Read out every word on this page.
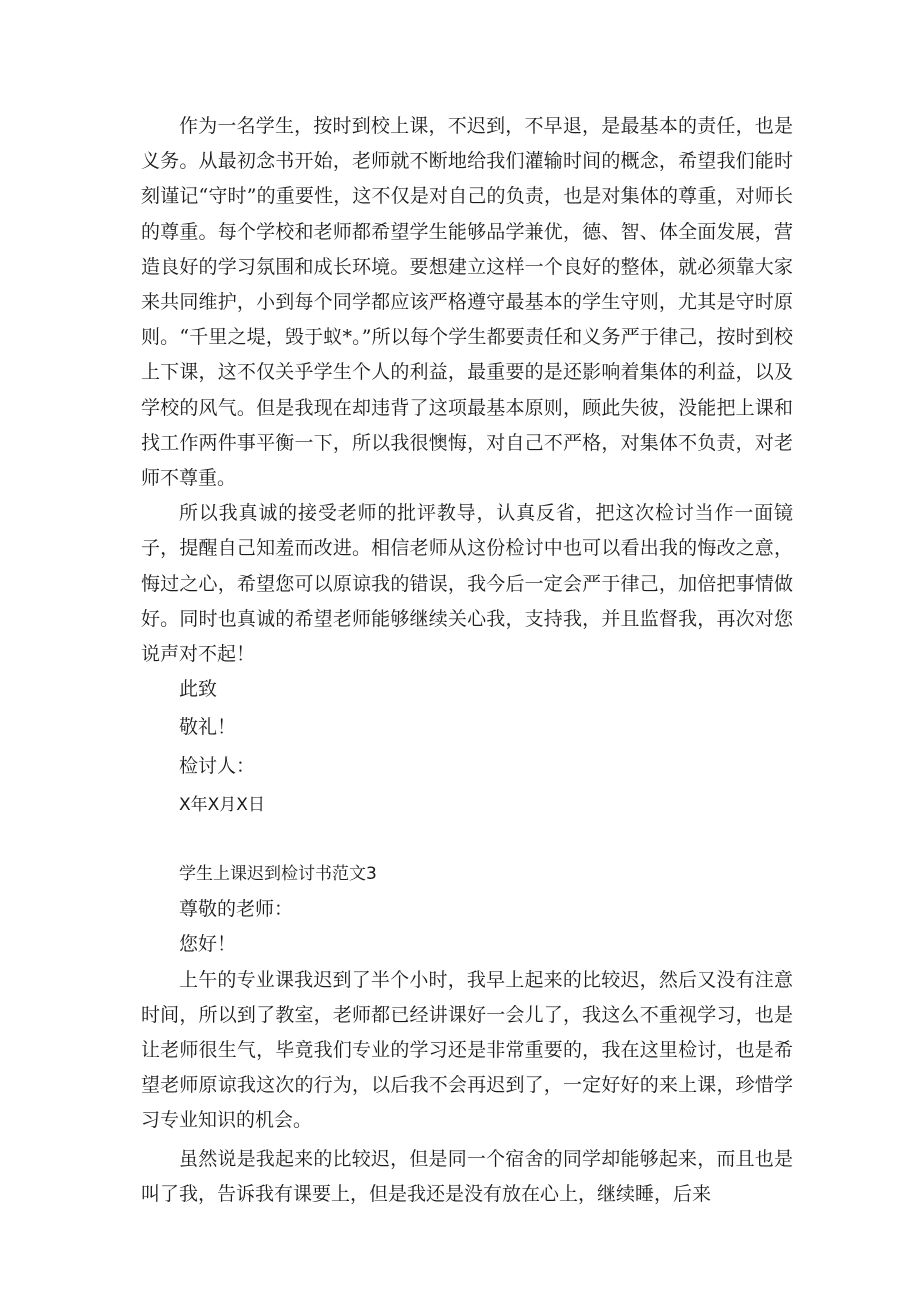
作为一名学生，按时到校上课，不迟到，不早退，是最基本的责任，也是义务。从最初念书开始，老师就不断地给我们灌输时间的概念，希望我们能时刻谨记“守时”的重要性，这不仅是对自己的负责，也是对集体的尊重，对师长的尊重。每个学校和老师都希望学生能够品学兼优，德、智、体全面发展，营造良好的学习氛围和成长环境。要想建立这样一个良好的整体，就必须靠大家来共同维护，小到每个同学都应该严格遵守最基本的学生守则，尤其是守时原则。“千里之堤，毁于蚁*。”所以每个学生都要责任和义务严于律己，按时到校上下课，这不仅关乎学生个人的利益，最重要的是还影响着集体的利益，以及学校的风气。但是我现在却违背了这项最基本原则，顾此失彼，没能把上课和找工作两件事平衡一下，所以我很懊悔，对自己不严格，对集体不负责，对老师不尊重。

所以我真诚的接受老师的批评教导，认真反省，把这次检讨当作一面镜子，提醒自己知羞而改进。相信老师从这份检讨中也可以看出我的悔改之意，悔过之心，希望您可以原谅我的错误，我今后一定会严于律己，加倍把事情做好。同时也真诚的希望老师能够继续关心我，支持我，并且监督我，再次对您说声对不起！

此致

敬礼！

检讨人：

X年X月X日

学生上课迟到检讨书范文3

尊敬的老师：

您好！

上午的专业课我迟到了半个小时，我早上起来的比较迟，然后又没有注意时间，所以到了教室，老师都已经讲课好一会儿了，我这么不重视学习，也是让老师很生气，毕竟我们专业的学习还是非常重要的，我在这里检讨，也是希望老师原谅我这次的行为，以后我不会再迟到了，一定好好的来上课，珍惜学习专业知识的机会。

虽然说是我起来的比较迟，但是同一个宿舍的同学却能够起来，而且也是叫了我，告诉我有课要上，但是我还是没有放在心上，继续睡，后来
